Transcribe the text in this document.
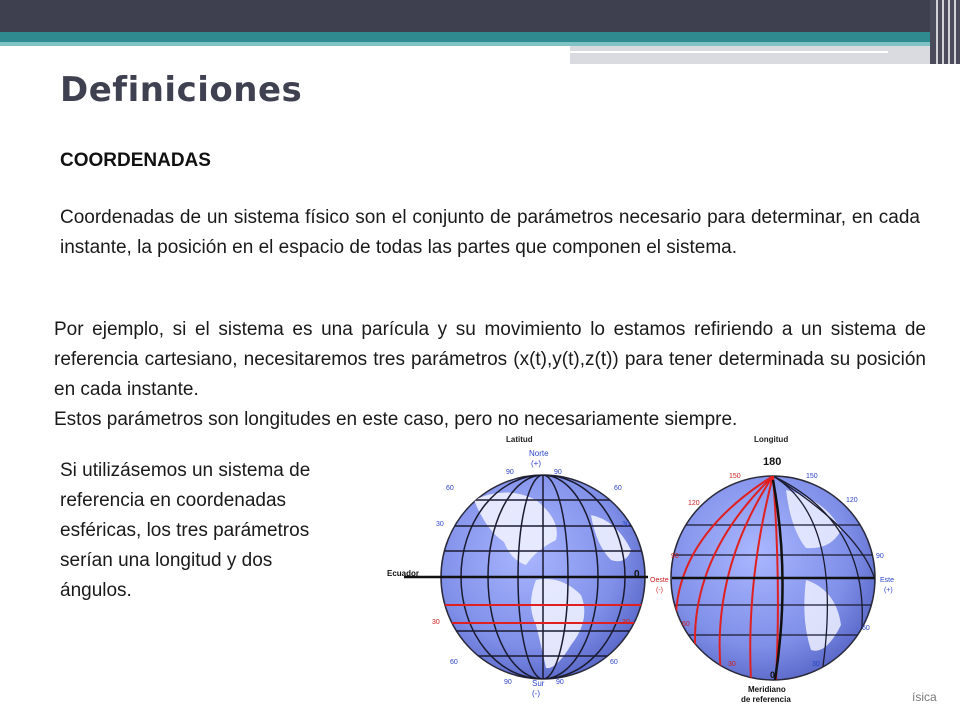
Definiciones
COORDENADAS
Coordenadas de un sistema físico son el conjunto de parámetros necesario para determinar, en cada instante, la posición en el espacio de todas las partes que componen el sistema.
Por ejemplo, si el sistema es una parícula y su movimiento lo estamos refiriendo a un sistema de referencia cartesiano, necesitaremos tres parámetros (x(t),y(t),z(t)) para tener determinada su posición en cada instante.
Estos parámetros son longitudes en este caso, pero no necesariamente siempre.
Si utilizásemos un sistema de referencia en coordenadas esféricas, los tres parámetros serían una longitud y dos ángulos.
Latitud
Norte
(+)
Ecuador	0
90	90
60	60
30	30
30	30
60	60
90	90
Sur
(-)
Longitud
180
150	150
120	120
90	90
Oeste
(-)
Este
(+)
60
60
30	30
0
Meridiano
de referencia	ísica
